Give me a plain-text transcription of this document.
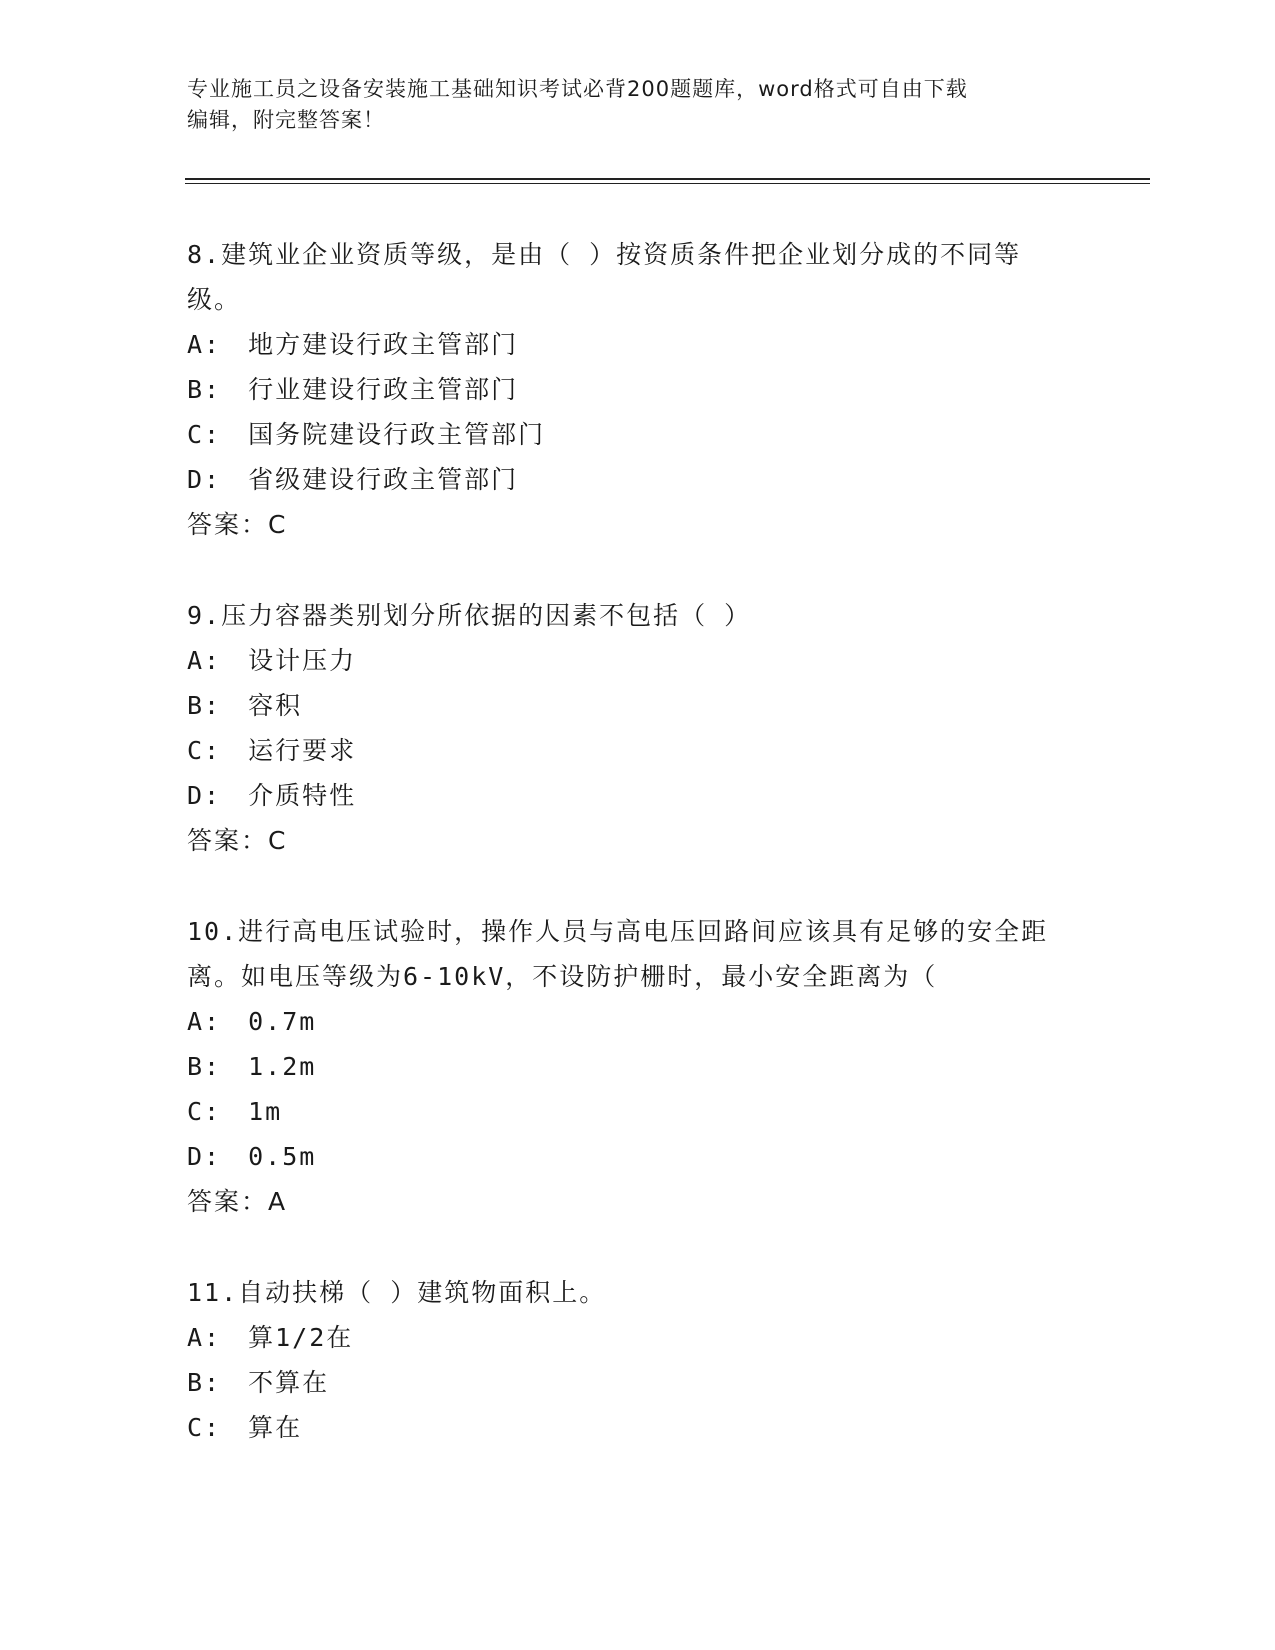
专业施工员之设备安装施工基础知识考试必背200题题库，word格式可自由下载
编辑，附完整答案！
8.建筑业企业资质等级，是由（ ）按资质条件把企业划分成的不同等级。
A:　地方建设行政主管部门
B:　行业建设行政主管部门
C:　国务院建设行政主管部门
D:　省级建设行政主管部门
答案：C
9.压力容器类别划分所依据的因素不包括（ ）
A:　设计压力
B:　容积
C:　运行要求
D:　介质特性
答案：C
10.进行高电压试验时，操作人员与高电压回路间应该具有足够的安全距离。如电压等级为6-10kV，不设防护栅时，最小安全距离为（
A:　0.7m
B:　1.2m
C:　1m
D:　0.5m
答案：A
11.自动扶梯（ ）建筑物面积上。
A:　算1/2在
B:　不算在
C:　算在
